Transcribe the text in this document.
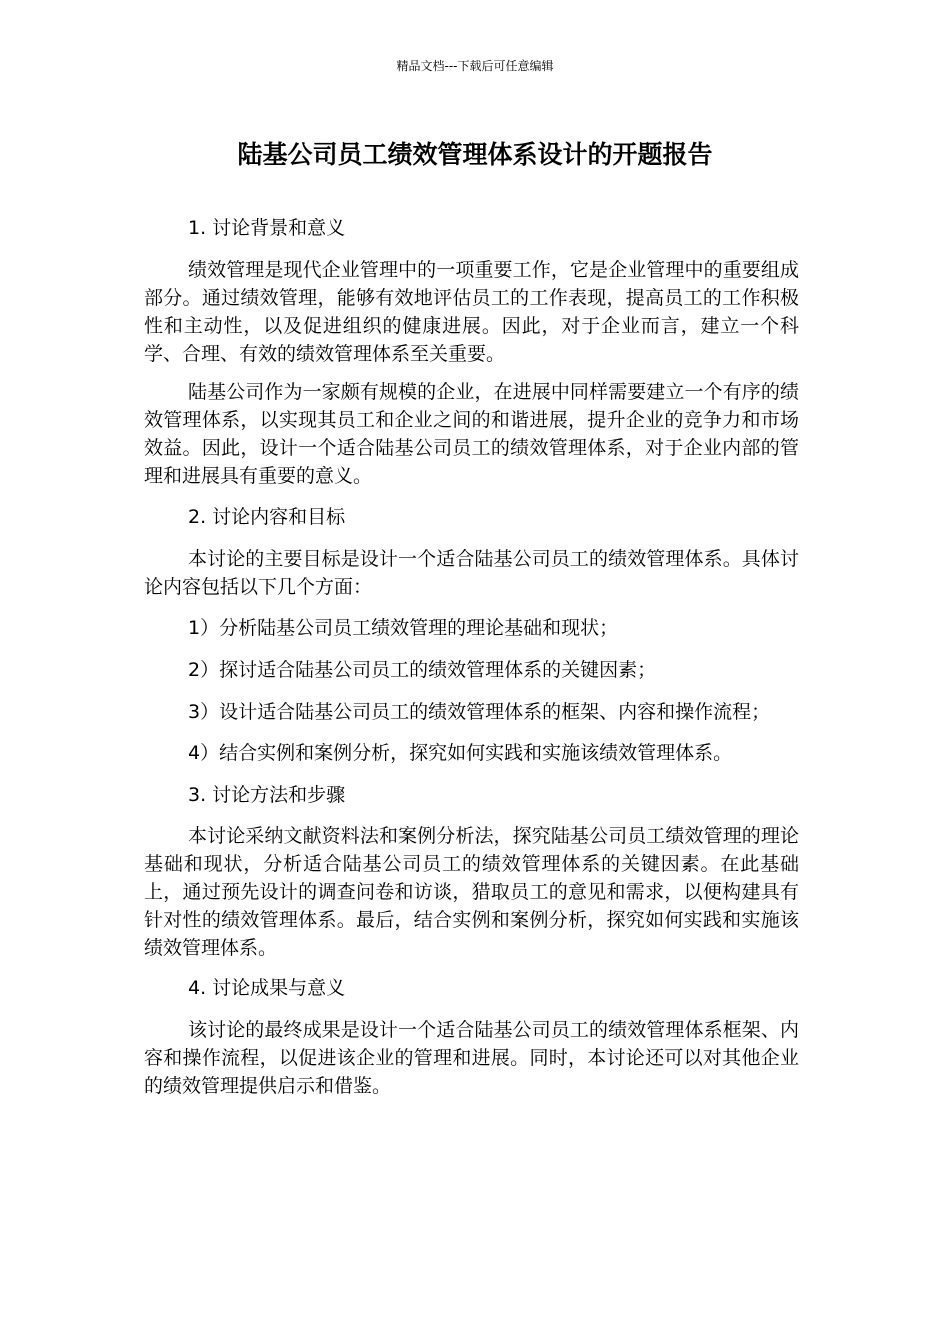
精品文档---下载后可任意编辑
陆基公司员工绩效管理体系设计的开题报告

1. 讨论背景和意义

绩效管理是现代企业管理中的一项重要工作，它是企业管理中的重要组成部分。通过绩效管理，能够有效地评估员工的工作表现，提高员工的工作积极性和主动性，以及促进组织的健康进展。因此，对于企业而言，建立一个科学、合理、有效的绩效管理体系至关重要。

陆基公司作为一家颇有规模的企业，在进展中同样需要建立一个有序的绩效管理体系，以实现其员工和企业之间的和谐进展，提升企业的竞争力和市场效益。因此，设计一个适合陆基公司员工的绩效管理体系，对于企业内部的管理和进展具有重要的意义。

2. 讨论内容和目标

本讨论的主要目标是设计一个适合陆基公司员工的绩效管理体系。具体讨论内容包括以下几个方面：

1）分析陆基公司员工绩效管理的理论基础和现状；

2）探讨适合陆基公司员工的绩效管理体系的关键因素；

3）设计适合陆基公司员工的绩效管理体系的框架、内容和操作流程；

4）结合实例和案例分析，探究如何实践和实施该绩效管理体系。

3. 讨论方法和步骤

本讨论采纳文献资料法和案例分析法，探究陆基公司员工绩效管理的理论基础和现状，分析适合陆基公司员工的绩效管理体系的关键因素。在此基础上，通过预先设计的调查问卷和访谈，猎取员工的意见和需求，以便构建具有针对性的绩效管理体系。最后，结合实例和案例分析，探究如何实践和实施该绩效管理体系。

4. 讨论成果与意义

该讨论的最终成果是设计一个适合陆基公司员工的绩效管理体系框架、内容和操作流程，以促进该企业的管理和进展。同时，本讨论还可以对其他企业的绩效管理提供启示和借鉴。
